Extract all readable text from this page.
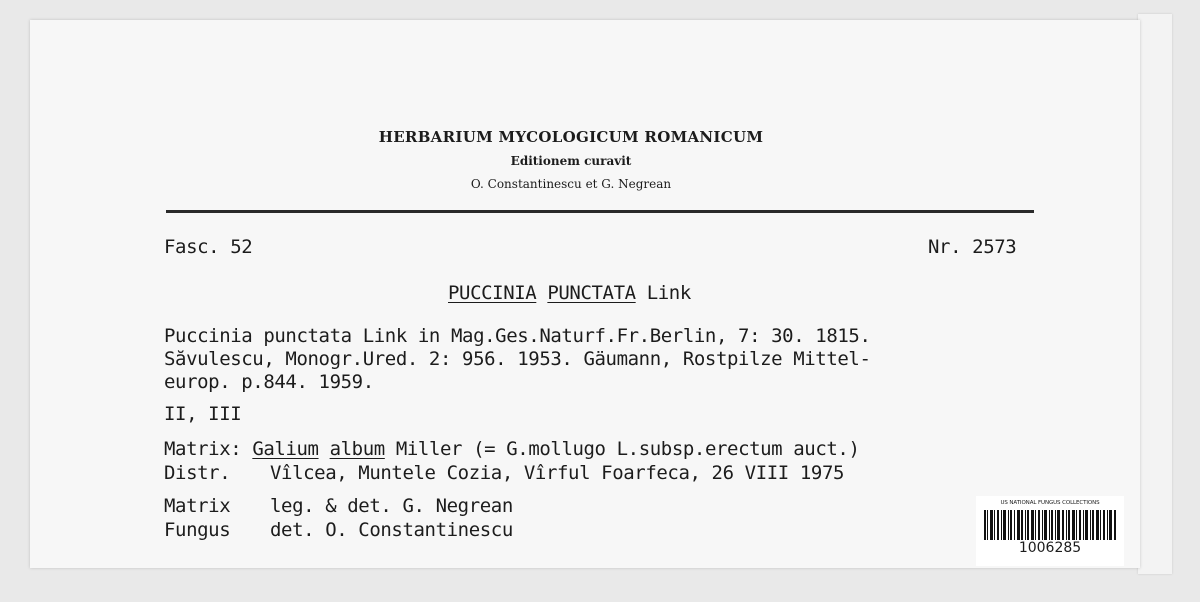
HERBARIUM MYCOLOGICUM ROMANICUM
Editionem curavit
O. Constantinescu et G. Negrean
Fasc. 52	Nr. 2573
PUCCINIA PUNCTATA Link
Puccinia punctata Link in Mag.Ges.Naturf.Fr.Berlin, 7: 30. 1815.
Săvulescu, Monogr.Ured. 2: 956. 1953. Gäumann, Rostpilze Mittel-
europ. p.844. 1959.
II, III
Matrix: Galium album Miller (= G.mollugo L.subsp.erectum auct.)
Distr. Vîlcea, Muntele Cozia, Vîrful Foarfeca, 26 VIII 1975
Matrix leg. & det. G. Negrean
Fungus det. O. Constantinescu
US NATIONAL FUNGUS COLLECTIONS
1006285
